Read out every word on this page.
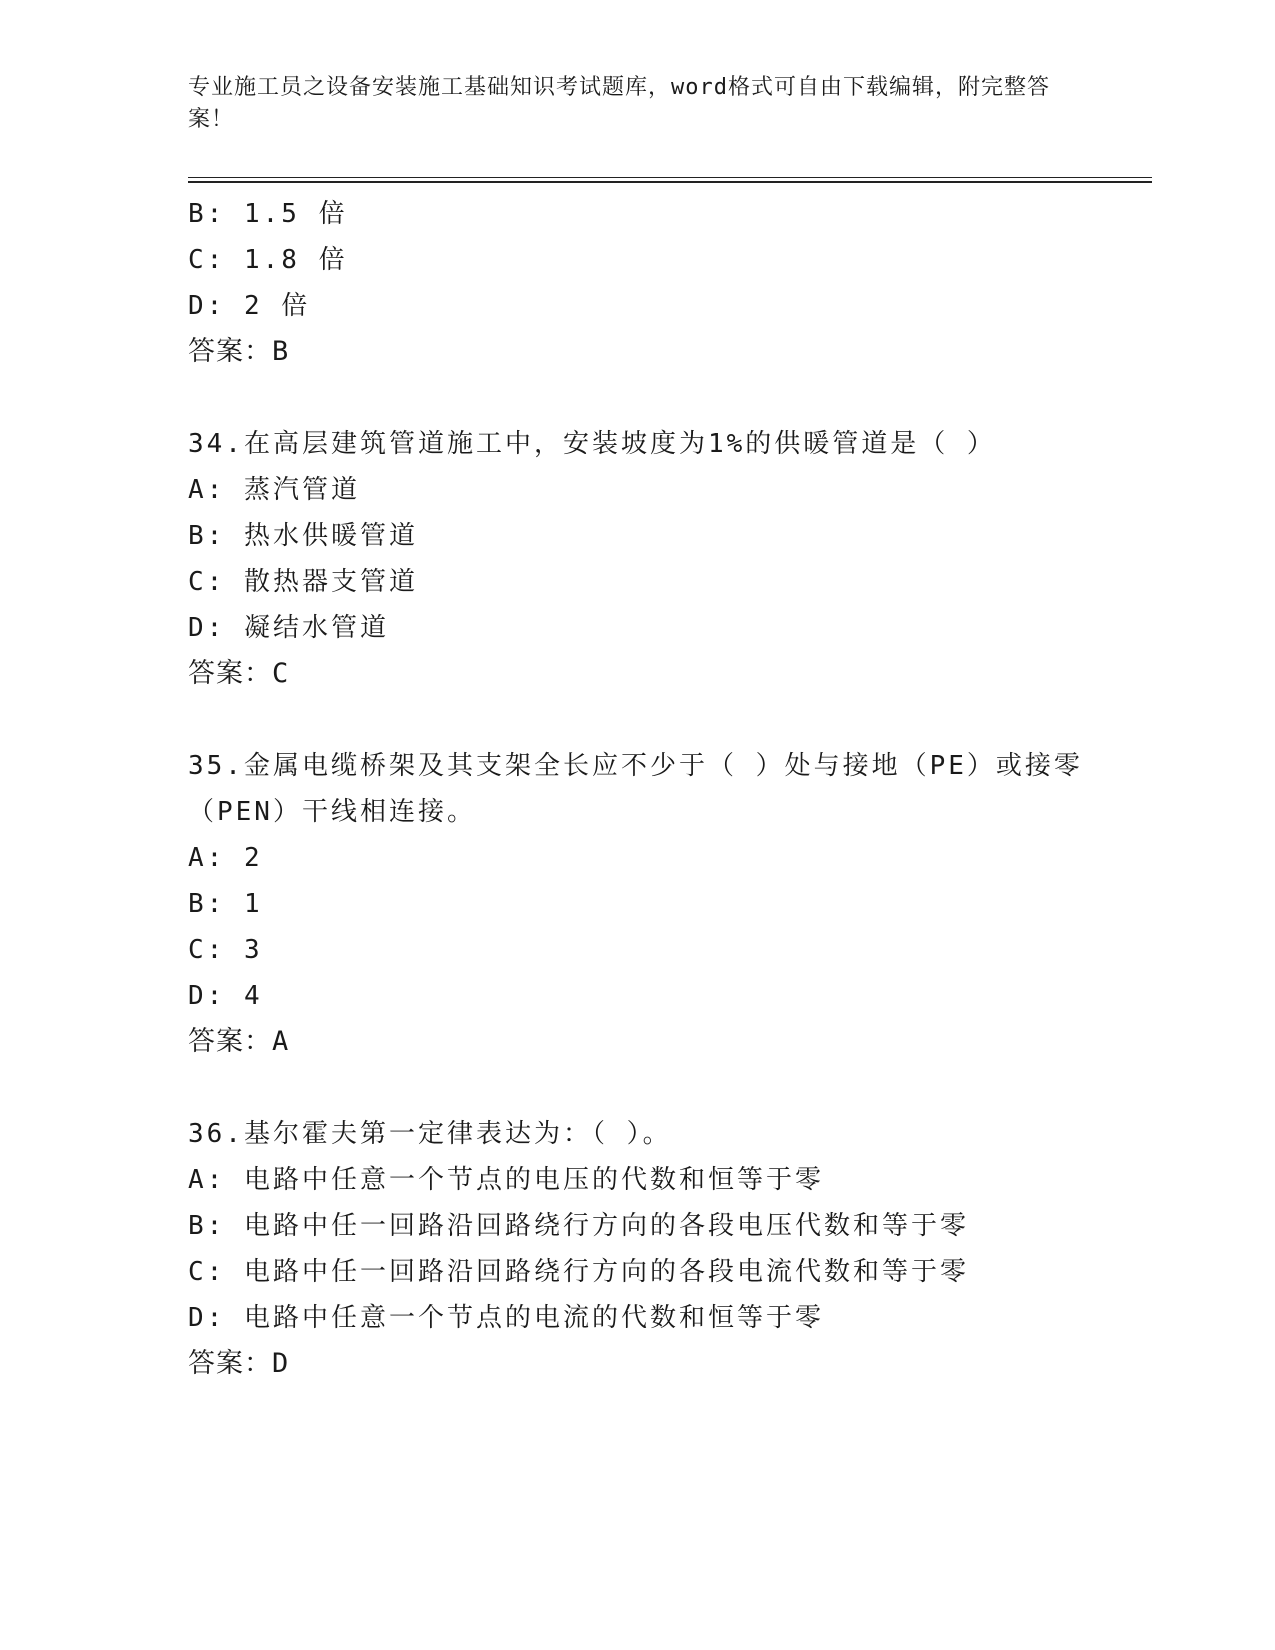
专业施工员之设备安装施工基础知识考试题库，word格式可自由下载编辑，附完整答案！
B: 1.5 倍
C: 1.8 倍
D: 2 倍
答案：B
34.在高层建筑管道施工中，安装坡度为1%的供暖管道是（ ）
A: 蒸汽管道
B: 热水供暖管道
C: 散热器支管道
D: 凝结水管道
答案：C
35.金属电缆桥架及其支架全长应不少于（ ）处与接地（PE）或接零（PEN）干线相连接。
A: 2
B: 1
C: 3
D: 4
答案：A
36.基尔霍夫第一定律表达为：（ ）。
A: 电路中任意一个节点的电压的代数和恒等于零
B: 电路中任一回路沿回路绕行方向的各段电压代数和等于零
C: 电路中任一回路沿回路绕行方向的各段电流代数和等于零
D: 电路中任意一个节点的电流的代数和恒等于零
答案：D
